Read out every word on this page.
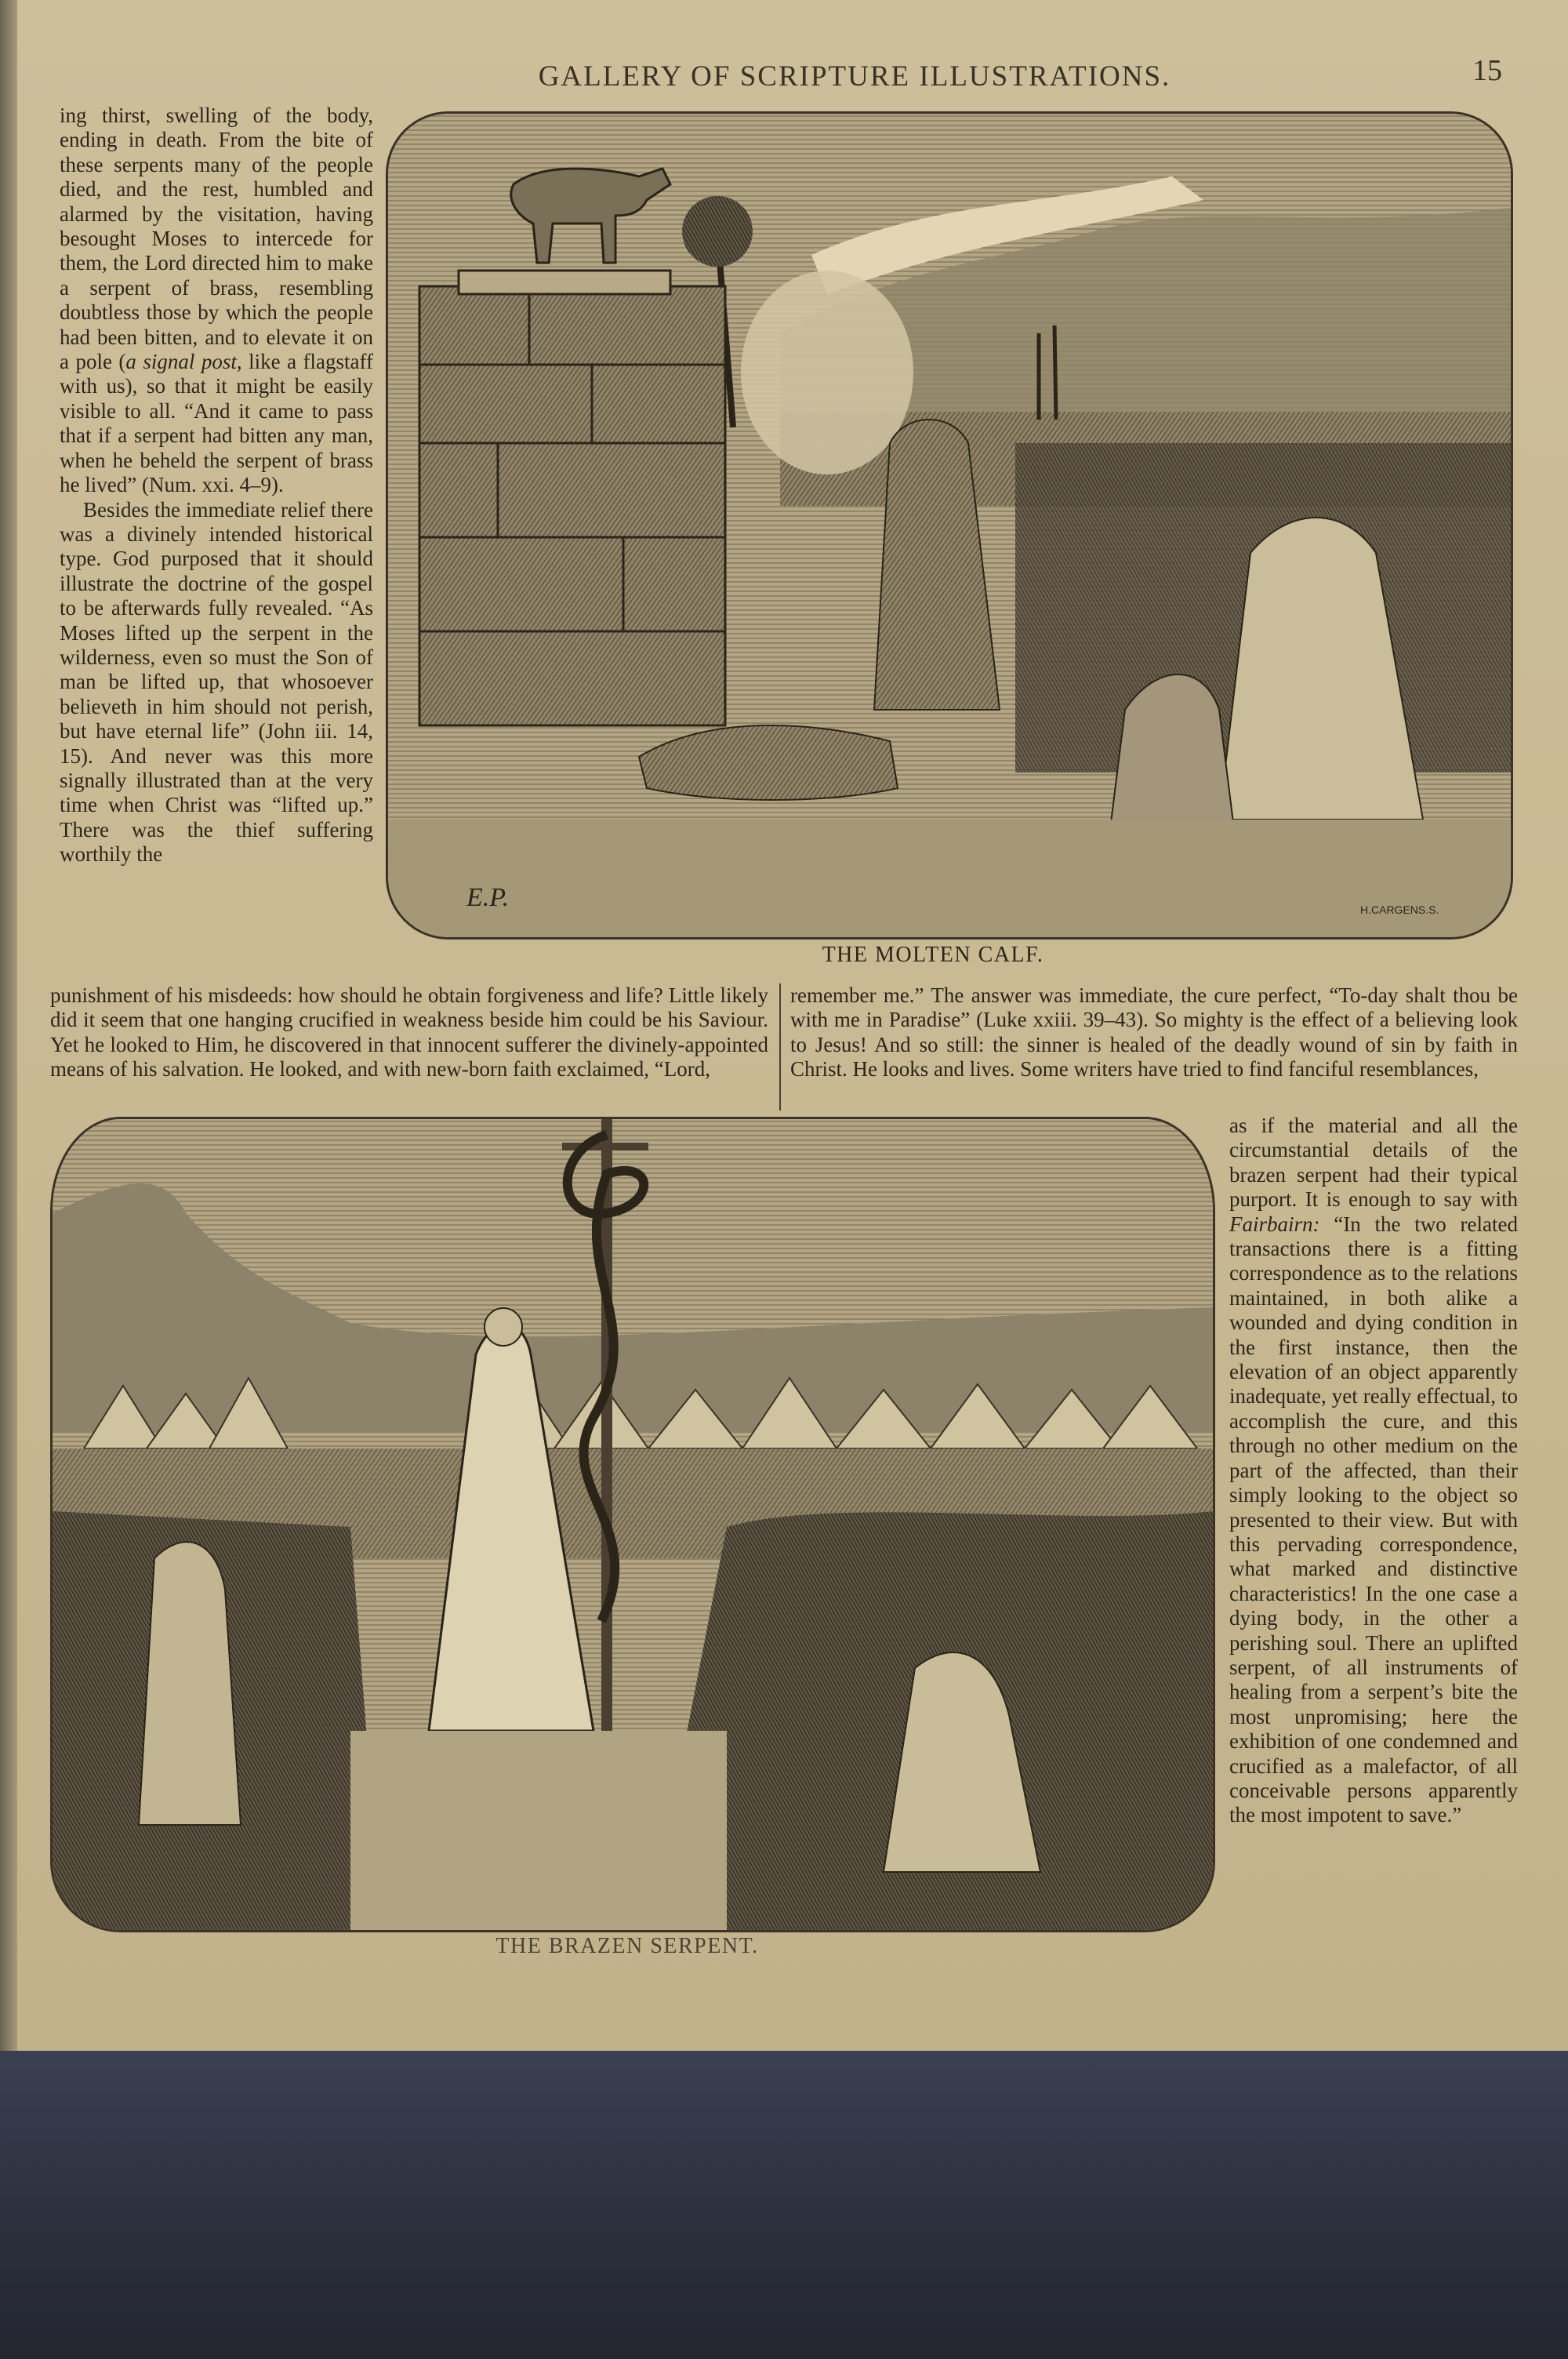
GALLERY OF SCRIPTURE ILLUSTRATIONS.	15

ing thirst, swelling of the body, ending in death. From the bite of these serpents many of the people died, and the rest, humbled and alarmed by the visitation, having besought Moses to intercede for them, the Lord directed him to make a serpent of brass, resembling doubtless those by which the people had been bitten, and to elevate it on a pole (a signal post, like a flagstaff with us), so that it might be easily visible to all. “And it came to pass that if a serpent had bitten any man, when he beheld the serpent of brass he lived” (Num. xxi. 4–9).

Besides the immediate relief there was a divinely intended historical type. God purposed that it should illustrate the doctrine of the gospel to be afterwards fully revealed. “As Moses lifted up the serpent in the wilderness, even so must the Son of man be lifted up, that whosoever believeth in him should not perish, but have eternal life” (John iii. 14, 15). And never was this more signally illustrated than at the very time when Christ was “lifted up.” There was the thief suffering worthily the

E.P.	H.CARGENS.S.
THE MOLTEN CALF.
punishment of his misdeeds: how should he obtain forgiveness and life? Little likely did it seem that one hanging crucified in weakness beside him could be his Saviour. Yet he looked to Him, he discovered in that innocent sufferer the divinely-appointed means of his salvation. He looked, and with new-born faith exclaimed, “Lord,
remember me.” The answer was immediate, the cure perfect, “To-day shalt thou be with me in Paradise” (Luke xxiii. 39–43). So mighty is the effect of a believing look to Jesus! And so still: the sinner is healed of the deadly wound of sin by faith in Christ. He looks and lives. Some writers have tried to find fanciful resemblances,
THE BRAZEN SERPENT.
as if the material and all the circumstantial details of the brazen serpent had their typical purport. It is enough to say with Fairbairn: “In the two related transactions there is a fitting correspondence as to the relations maintained, in both alike a wounded and dying condition in the first instance, then the elevation of an object apparently inadequate, yet really effectual, to accomplish the cure, and this through no other medium on the part of the affected, than their simply looking to the object so presented to their view. But with this pervading correspondence, what marked and distinctive characteristics! In the one case a dying body, in the other a perishing soul. There an uplifted serpent, of all instruments of healing from a serpent’s bite the most unpromising; here the exhibition of one condemned and crucified as a malefactor, of all conceivable persons apparently the most impotent to save.”
